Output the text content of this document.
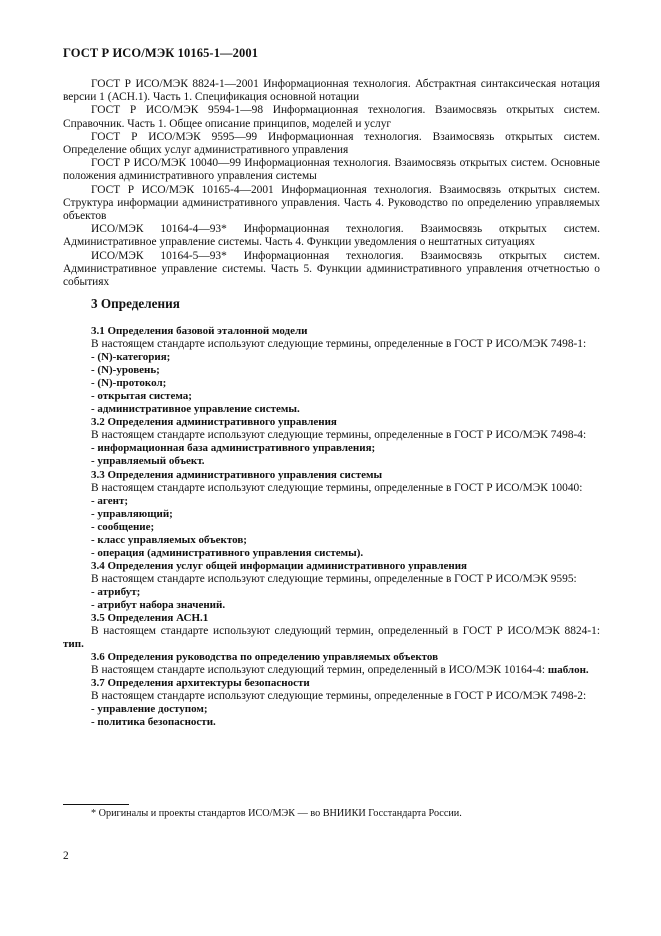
ГОСТ Р ИСО/МЭК 10165-1—2001

ГОСТ Р ИСО/МЭК 8824-1—2001 Информационная технология. Абстрактная синтаксическая нотация версии 1 (АСН.1). Часть 1. Спецификация основной нотации

ГОСТ Р ИСО/МЭК 9594-1—98 Информационная технология. Взаимосвязь открытых систем. Справочник. Часть 1. Общее описание принципов, моделей и услуг

ГОСТ Р ИСО/МЭК 9595—99 Информационная технология. Взаимосвязь открытых систем. Определение общих услуг административного управления

ГОСТ Р ИСО/МЭК 10040—99 Информационная технология. Взаимосвязь открытых систем. Основные положения административного управления системы

ГОСТ Р ИСО/МЭК 10165-4—2001 Информационная технология. Взаимосвязь открытых систем. Структура информации административного управления. Часть 4. Руководство по определению управляемых объектов

ИСО/МЭК 10164-4—93* Информационная технология. Взаимосвязь открытых систем. Административное управление системы. Часть 4. Функции уведомления о нештатных ситуациях

ИСО/МЭК 10164-5—93* Информационная технология. Взаимосвязь открытых систем. Административное управление системы. Часть 5. Функции административного управления отчетностью о событиях

3 Определения
3.1 Определения базовой эталонной модели

В настоящем стандарте используют следующие термины, определенные в ГОСТ Р ИСО/МЭК 7498-1:

- (N)-категория;
- (N)-уровень;
- (N)-протокол;
- открытая система;
- административное управление системы.
3.2 Определения административного управления

В настоящем стандарте используют следующие термины, определенные в ГОСТ Р ИСО/МЭК 7498-4:

- информационная база административного управления;
- управляемый объект.
3.3 Определения административного управления системы

В настоящем стандарте используют следующие термины, определенные в ГОСТ Р ИСО/МЭК 10040:

- агент;
- управляющий;
- сообщение;
- класс управляемых объектов;
- операция (административного управления системы).
3.4 Определения услуг общей информации административного управления

В настоящем стандарте используют следующие термины, определенные в ГОСТ Р ИСО/МЭК 9595:

- атрибут;
- атрибут набора значений.
3.5 Определения АСН.1

В настоящем стандарте используют следующий термин, определенный в ГОСТ Р ИСО/МЭК 8824-1: тип.

3.6 Определения руководства по определению управляемых объектов

В настоящем стандарте используют следующий термин, определенный в ИСО/МЭК 10164-4: шаблон.

3.7 Определения архитектуры безопасности

В настоящем стандарте используют следующие термины, определенные в ГОСТ Р ИСО/МЭК 7498-2:

- управление доступом;
- политика безопасности.
* Оригиналы и проекты стандартов ИСО/МЭК — во ВНИИКИ Госстандарта России.
2
